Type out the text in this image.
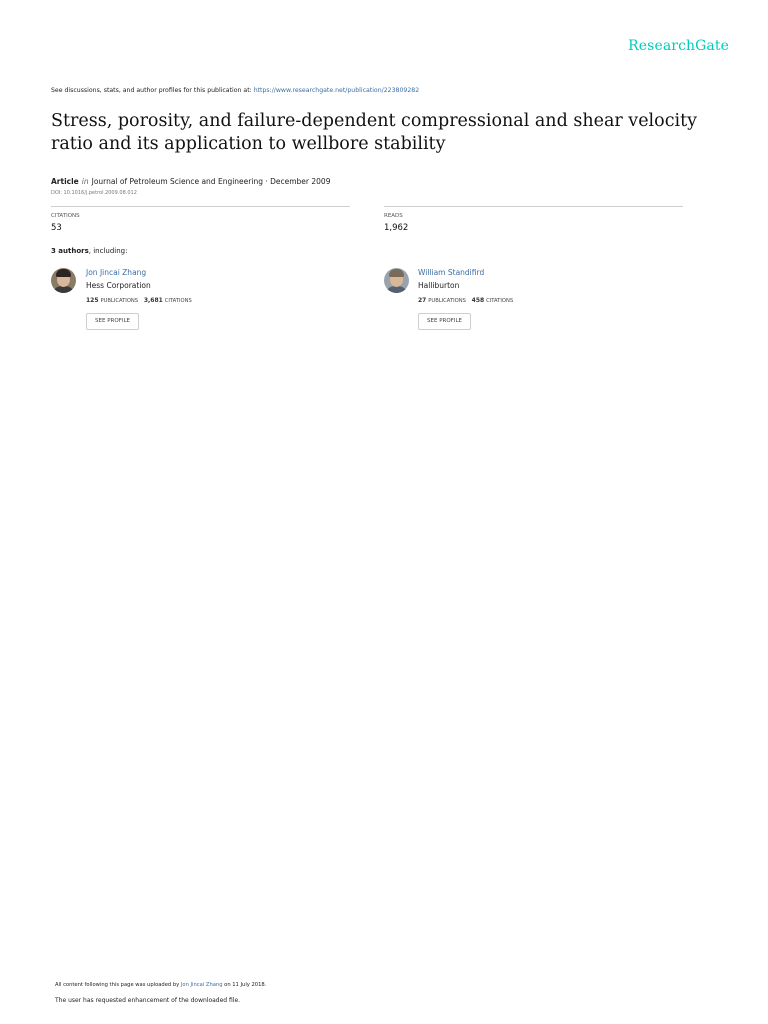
ResearchGate
See discussions, stats, and author profiles for this publication at: https://www.researchgate.net/publication/223809282
Stress, porosity, and failure-dependent compressional and shear velocity ratio and its application to wellbore stability
Article in Journal of Petroleum Science and Engineering · December 2009
DOI: 10.1016/j.petrol.2009.08.012
CITATIONS
53
READS
1,962
3 authors, including:
Jon Jincai Zhang
Hess Corporation
125 PUBLICATIONS 3,681 CITATIONS
SEE PROFILE
William Standifird
Halliburton
27 PUBLICATIONS 458 CITATIONS
SEE PROFILE
All content following this page was uploaded by Jon Jincai Zhang on 11 July 2018.
The user has requested enhancement of the downloaded file.
